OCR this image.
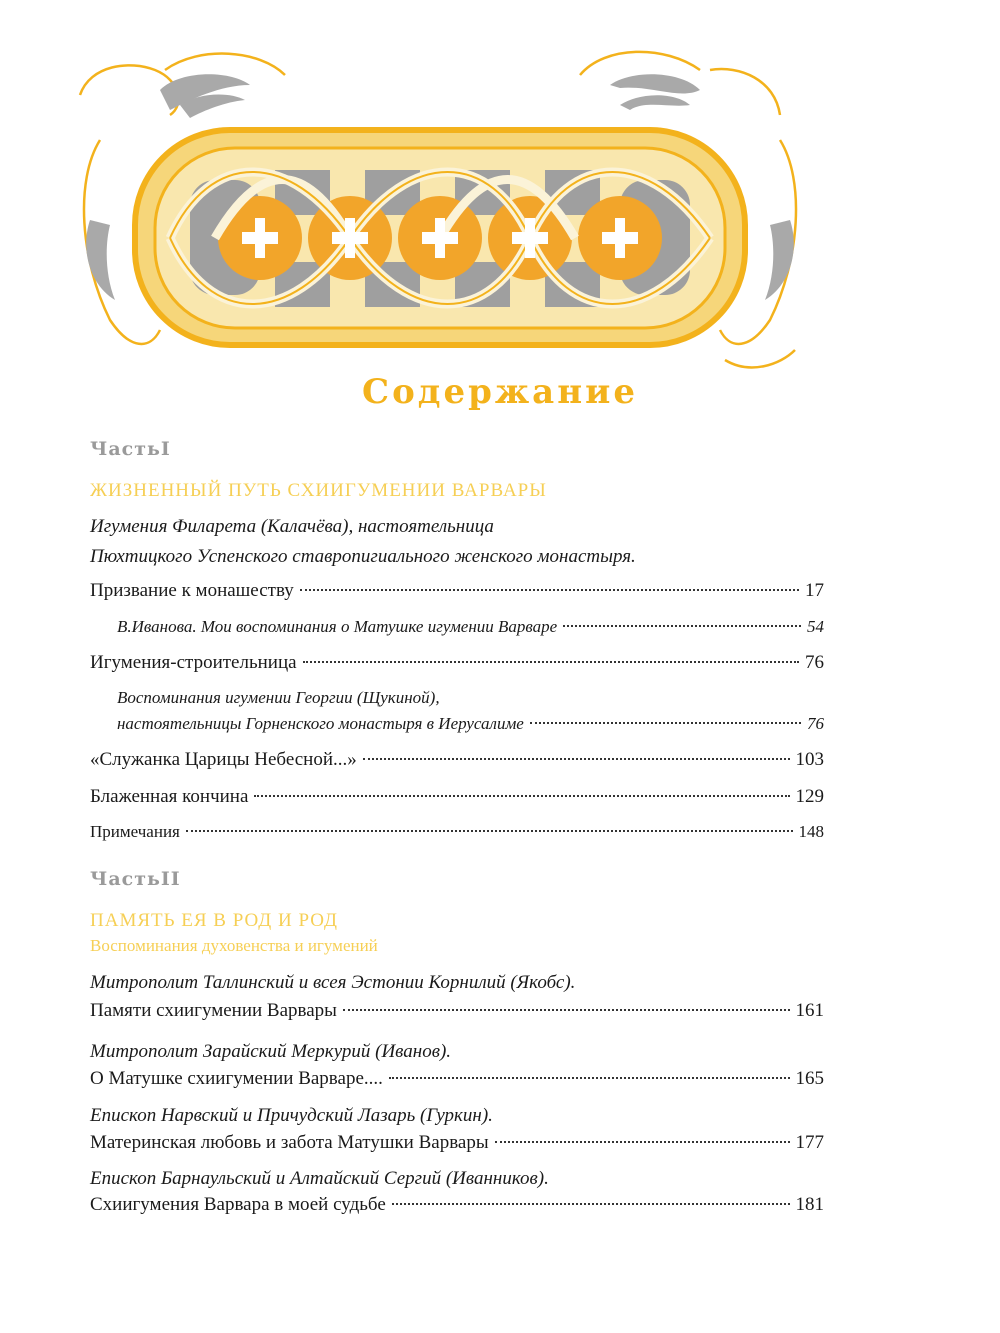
Содержание
ЧастьI
ЖИЗНЕННЫЙ ПУТЬ СХИИГУМЕНИИ ВАРВАРЫ
Игумения Филарета (Калачёва), настоятельница
Пюхтицкого Успенского ставропигиального женского монастыря.
Призвание к монашеству	17
В.Иванова. Мои воспоминания о Матушке игумении Варваре	54
Игумения-строительница	76
Воспоминания игумении Георгии (Щукиной),
настоятельницы Горненского монастыря в Иерусалиме	76
«Служанка Царицы Небесной...»	103
Блаженная кончина	129
Примечания	148
ЧастьII
ПАМЯТЬ ЕЯ В РОД И РОД
Воспоминания духовенства и игумений
Митрополит Таллинский и всея Эстонии Корнилий (Якобс).
Памяти схиигумении Варвары	161
Митрополит Зарайский Меркурий (Иванов).
О Матушке схиигумении Варваре....	165
Епископ Нарвский и Причудский Лазарь (Гуркин).
Материнская любовь и забота Матушки Варвары	177
Епископ Барнаульский и Алтайский Сергий (Иванников).
Схиигумения Варвара в моей судьбе	181
